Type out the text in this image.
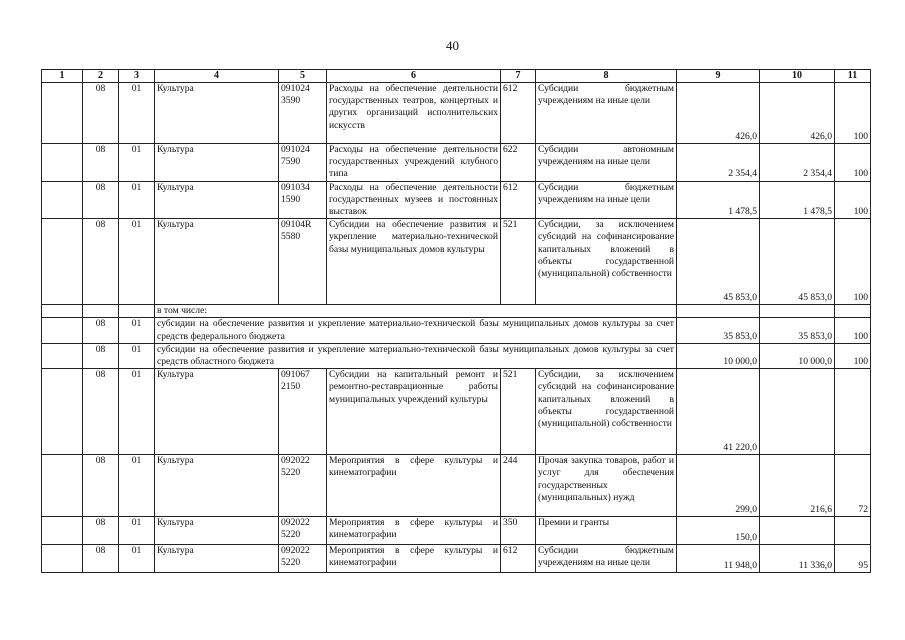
40
1	2	3	4	5	6	7	8	9	10	11
	08	01	Культура	091024 3590	Расходы на обеспечение деятельности государственных театров, концертных и других организаций исполнительских искусств	612	Субсидии бюджетным учреждениям на иные цели	426,0	426,0	100
	08	01	Культура	091024 7590	Расходы на обеспечение деятельности государственных учреждений клубного типа	622	Субсидии автономным учреждениям на иные цели	2 354,4	2 354,4	100
	08	01	Культура	091034 1590	Расходы на обеспечение деятельности государственных музеев и постоянных выставок	612	Субсидии бюджетным учреждениям на иные цели	1 478,5	1 478,5	100
	08	01	Культура	09104R 5580	Субсидии на обеспечение развития и укрепление материально-технической базы муниципальных домов культуры	521	Субсидии, за исключением субсидий на софинансирование капитальных вложений в объекты государственной (муниципальной) собственности	45 853,0	45 853,0	100
			в том числе:							
	08	01	субсидии на обеспечение развития и укрепление материально-технической базы муниципальных домов культуры за счет средств федерального бюджета					35 853,0	35 853,0	100
	08	01	субсидии на обеспечение развития и укрепление материально-технической базы муниципальных домов культуры за счет средств областного бюджета					10 000,0	10 000,0	100
	08	01	Культура	091067 2150	Субсидии на капитальный ремонт и ремонтно-реставрационные работы муниципальных учреждений культуры	521	Субсидии, за исключением субсидий на софинансирование капитальных вложений в объекты государственной (муниципальной) собственности	41 220,0		
	08	01	Культура	092022 5220	Мероприятия в сфере культуры и кинематографии	244	Прочая закупка товаров, работ и услуг для обеспечения государственных (муниципальных) нужд	299,0	216,6	72
	08	01	Культура	092022 5220	Мероприятия в сфере культуры и кинематографии	350	Премии и гранты	150,0		
	08	01	Культура	092022 5220	Мероприятия в сфере культуры и кинематографии	612	Субсидии бюджетным учреждениям на иные цели	11 948,0	11 336,0	95
